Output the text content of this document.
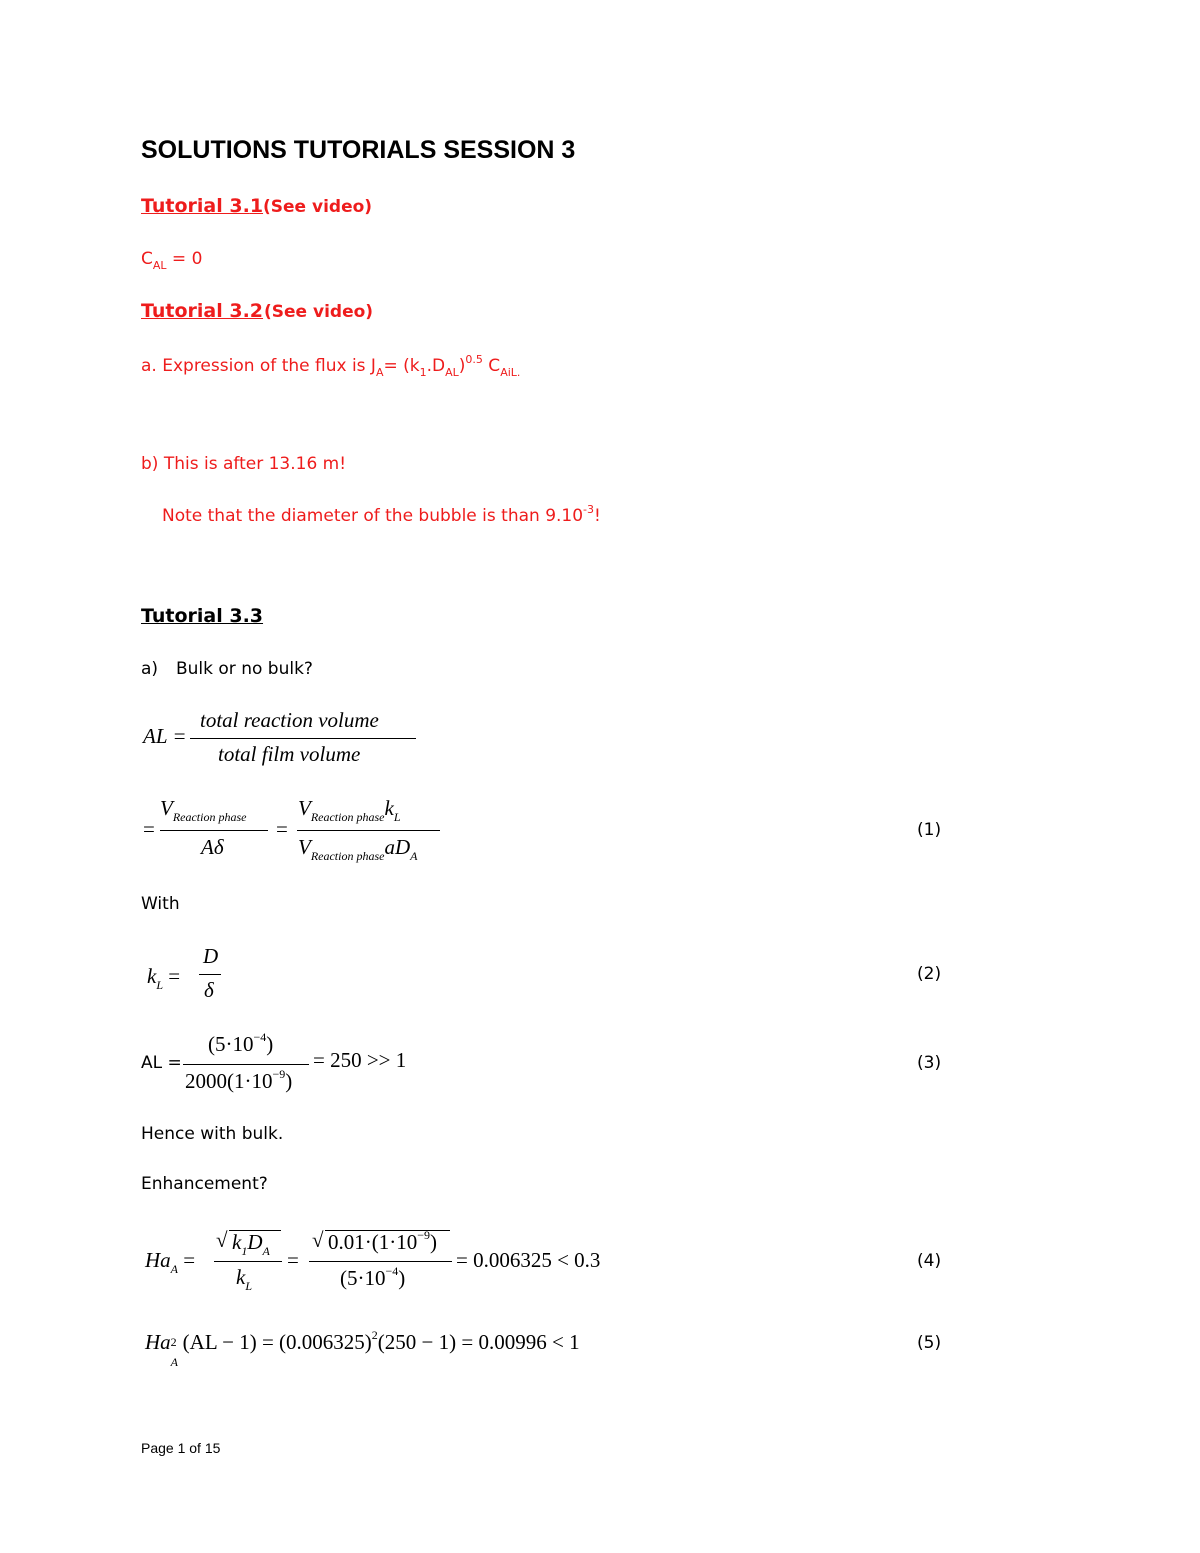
SOLUTIONS TUTORIALS SESSION 3
Tutorial 3.1 (See video)
$C_{AL} = 0$
Tutorial 3.2 (See video)
a. Expression of the flux is $J_A= (k_1.D_{AL})^{0.5}$ $C_{AiL.}$
b) This is after 13.16 m!
Note that the diameter of the bubble is than $9.10^{-3}$!
Tutorial 3.3
a) Bulk or no bulk?
AL =
total reaction volume
total film volume
=
$V_{Reaction phase}$
Aδ
=
$V_{Reaction phase}k_L$
$V_{Reaction phase}aD_A$
(1)
With
$k_L$ =
D
δ
(2)
AL =
$(5\cdot 10^{-4})$
$2000(1\cdot 10^{-9})$
= 250 >> 1	(3)
Hence with bulk.
Enhancement?
$Ha_A$ =
√ $k_1D_A$
$k_L$
=
√ $0.01\cdot(1\cdot 10^{-9})$
$(5\cdot 10^{-4})$
= 0.006325 < 0.3	(4)
Ha 2
A
$(AL - 1) = (0.006325)^2(250 - 1) = 0.00996 < 1$	(5)
Page 1 of 15
